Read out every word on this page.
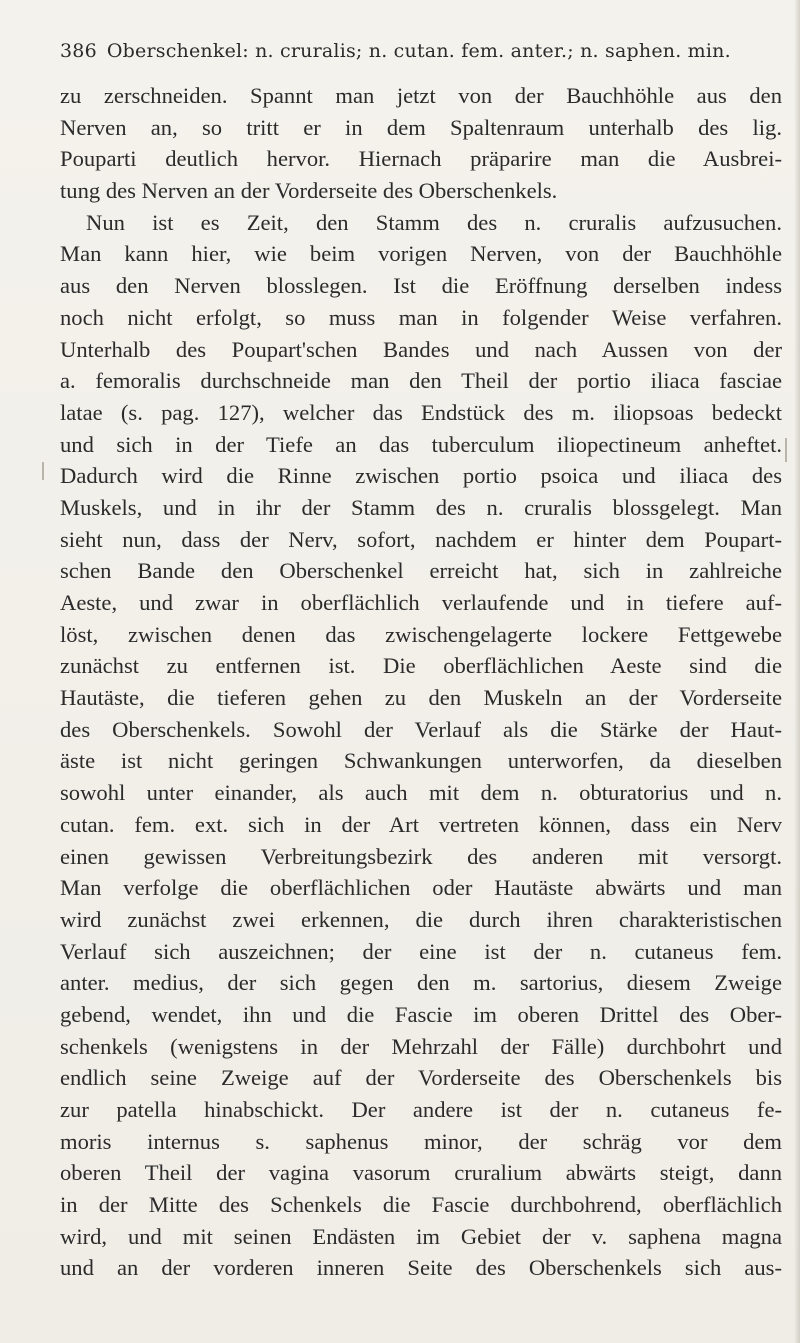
386 Oberschenkel: n. cruralis; n. cutan. fem. anter.; n. saphen. min.
zu zerschneiden. Spannt man jetzt von der Bauchhöhle aus den
Nerven an, so tritt er in dem Spaltenraum unterhalb des lig.
Pouparti deutlich hervor. Hiernach präparire man die Ausbrei-
tung des Nerven an der Vorderseite des Oberschenkels.
Nun ist es Zeit, den Stamm des n. cruralis aufzusuchen.
Man kann hier, wie beim vorigen Nerven, von der Bauchhöhle
aus den Nerven blosslegen. Ist die Eröffnung derselben indess
noch nicht erfolgt, so muss man in folgender Weise verfahren.
Unterhalb des Poupart'schen Bandes und nach Aussen von der
a. femoralis durchschneide man den Theil der portio iliaca fasciae
latae (s. pag. 127), welcher das Endstück des m. iliopsoas bedeckt
und sich in der Tiefe an das tuberculum iliopectineum anheftet.
Dadurch wird die Rinne zwischen portio psoica und iliaca des
Muskels, und in ihr der Stamm des n. cruralis blossgelegt. Man
sieht nun, dass der Nerv, sofort, nachdem er hinter dem Poupart-
schen Bande den Oberschenkel erreicht hat, sich in zahlreiche
Aeste, und zwar in oberflächlich verlaufende und in tiefere auf-
löst, zwischen denen das zwischengelagerte lockere Fettgewebe
zunächst zu entfernen ist. Die oberflächlichen Aeste sind die
Hautäste, die tieferen gehen zu den Muskeln an der Vorderseite
des Oberschenkels. Sowohl der Verlauf als die Stärke der Haut-
äste ist nicht geringen Schwankungen unterworfen, da dieselben
sowohl unter einander, als auch mit dem n. obturatorius und n.
cutan. fem. ext. sich in der Art vertreten können, dass ein Nerv
einen gewissen Verbreitungsbezirk des anderen mit versorgt.
Man verfolge die oberflächlichen oder Hautäste abwärts und man
wird zunächst zwei erkennen, die durch ihren charakteristischen
Verlauf sich auszeichnen; der eine ist der n. cutaneus fem.
anter. medius, der sich gegen den m. sartorius, diesem Zweige
gebend, wendet, ihn und die Fascie im oberen Drittel des Ober-
schenkels (wenigstens in der Mehrzahl der Fälle) durchbohrt und
endlich seine Zweige auf der Vorderseite des Oberschenkels bis
zur patella hinabschickt. Der andere ist der n. cutaneus fe-
moris internus s. saphenus minor, der schräg vor dem
oberen Theil der vagina vasorum cruralium abwärts steigt, dann
in der Mitte des Schenkels die Fascie durchbohrend, oberflächlich
wird, und mit seinen Endästen im Gebiet der v. saphena magna
und an der vorderen inneren Seite des Oberschenkels sich aus-
